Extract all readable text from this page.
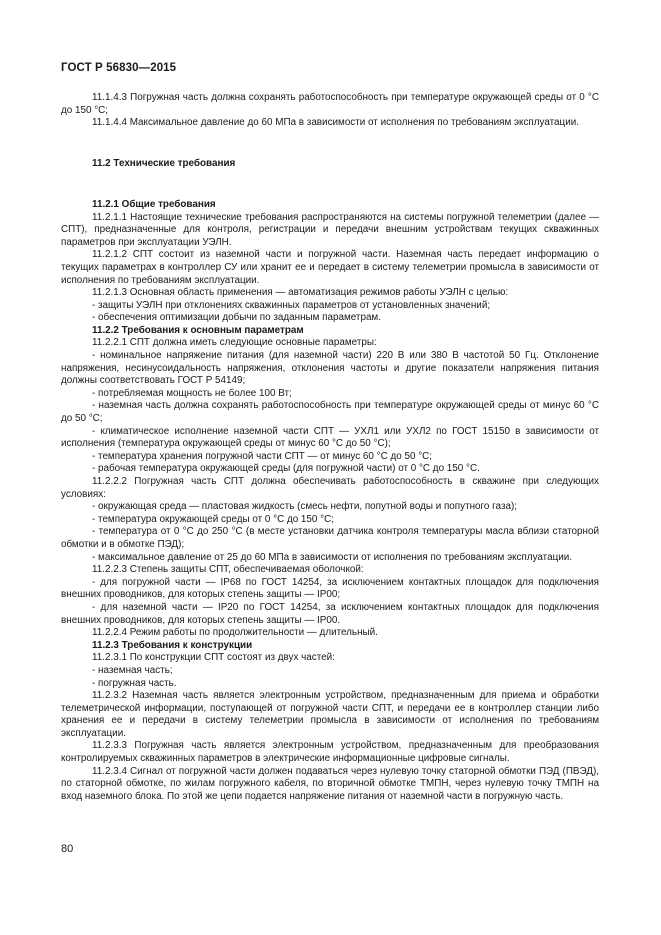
ГОСТ Р 56830—2015

11.1.4.3 Погружная часть должна сохранять работоспособность при температуре окружающей среды от 0 °С до 150 °С;

11.1.4.4 Максимальное давление до 60 МПа в зависимости от исполнения по требованиям эксплуатации.

11.2 Технические требования

11.2.1 Общие требования

11.2.1.1 Настоящие технические требования распространяются на системы погружной телеметрии (далее — СПТ), предназначенные для контроля, регистрации и передачи внешним устройствам текущих скважинных параметров при эксплуатации УЭЛН.

11.2.1.2 СПТ состоит из наземной части и погружной части. Наземная часть передает информацию о текущих параметрах в контроллер СУ или хранит ее и передает в систему телеметрии промысла в зависимости от исполнения по требованиям эксплуатации.

11.2.1.3 Основная область применения — автоматизация режимов работы УЭЛН с целью:

- защиты УЭЛН при отклонениях скважинных параметров от установленных значений;

- обеспечения оптимизации добычи по заданным параметрам.

11.2.2 Требования к основным параметрам

11.2.2.1 СПТ должна иметь следующие основные параметры:

- номинальное напряжение питания (для наземной части) 220 В или 380 В частотой 50 Гц. Отклонение напряжения, несинусоидальность напряжения, отклонения частоты и другие показатели напряжения питания должны соответствовать ГОСТ Р 54149;

- потребляемая мощность не более 100 Вт;

- наземная часть должна сохранять работоспособность при температуре окружающей среды от минус 60 °С до 50 °С;

- климатическое исполнение наземной части СПТ — УХЛ1 или УХЛ2 по ГОСТ 15150 в зависимости от исполнения (температура окружающей среды от минус 60 °С до 50 °С);

- температура хранения погружной части СПТ — от минус 60 °С до 50 °С;

- рабочая температура окружающей среды (для погружной части) от 0 °С до 150 °С.

11.2.2.2 Погружная часть СПТ должна обеспечивать работоспособность в скважине при следующих условиях:

- окружающая среда — пластовая жидкость (смесь нефти, попутной воды и попутного газа);

- температура окружающей среды от 0 °С до 150 °С;

- температура от 0 °С до 250 °С (в месте установки датчика контроля температуры масла вблизи статорной обмотки и в обмотке ПЭД);

- максимальное давление от 25 до 60 МПа в зависимости от исполнения по требованиям эксплуатации.

11.2.2.3 Степень защиты СПТ, обеспечиваемая оболочкой:

- для погружной части — IP68 по ГОСТ 14254, за исключением контактных площадок для подключения внешних проводников, для которых степень защиты — IP00;

- для наземной части — IP20 по ГОСТ 14254, за исключением контактных площадок для подключения внешних проводников, для которых степень защиты — IP00.

11.2.2.4 Режим работы по продолжительности — длительный.

11.2.3 Требования к конструкции

11.2.3.1 По конструкции СПТ состоят из двух частей:

- наземная часть;

- погружная часть.

11.2.3.2 Наземная часть является электронным устройством, предназначенным для приема и обработки телеметрической информации, поступающей от погружной части СПТ, и передачи ее в контроллер станции либо хранения ее и передачи в систему телеметрии промысла в зависимости от исполнения по требованиям эксплуатации.

11.2.3.3 Погружная часть является электронным устройством, предназначенным для преобразования контролируемых скважинных параметров в электрические информационные цифровые сигналы.

11.2.3.4 Сигнал от погружной части должен подаваться через нулевую точку статорной обмотки ПЭД (ПВЭД), по статорной обмотке, по жилам погружного кабеля, по вторичной обмотке ТМПН, через нулевую точку ТМПН на вход наземного блока. По этой же цепи подается напряжение питания от наземной части в погружную часть.

80
